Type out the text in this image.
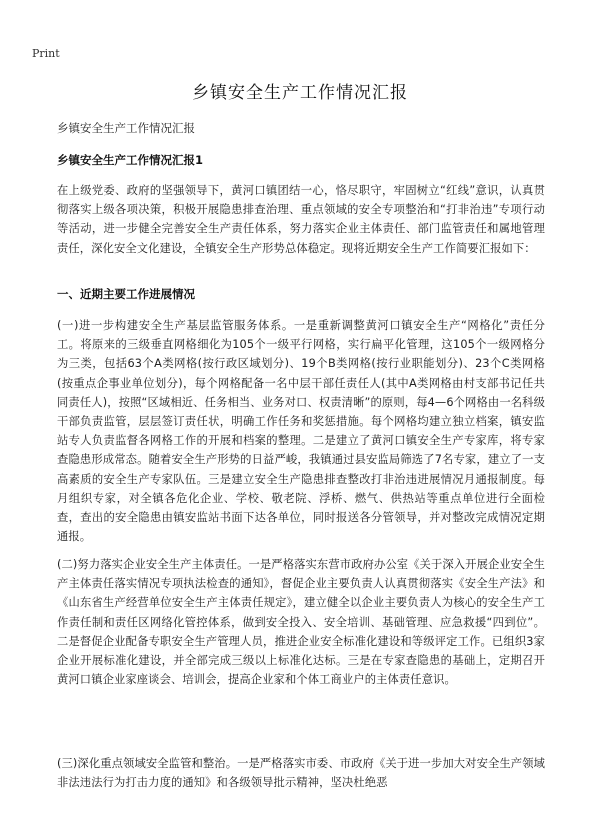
Print
乡镇安全生产工作情况汇报
乡镇安全生产工作情况汇报
乡镇安全生产工作情况汇报1
在上级党委、政府的坚强领导下，黄河口镇团结一心，恪尽职守，牢固树立“红线”意识，认真贯彻落实上级各项决策，积极开展隐患排查治理、重点领域的安全专项整治和“打非治违”专项行动等活动，进一步健全完善安全生产责任体系，努力落实企业主体责任、部门监管责任和属地管理责任，深化安全文化建设，全镇安全生产形势总体稳定。现将近期安全生产工作简要汇报如下：
一、近期主要工作进展情况
(一)进一步构建安全生产基层监管服务体系。一是重新调整黄河口镇安全生产“网格化”责任分工。将原来的三级垂直网格细化为105个一级平行网格，实行扁平化管理，这105个一级网格分为三类，包括63个A类网格(按行政区域划分)、19个B类网格(按行业职能划分)、23个C类网格(按重点企事业单位划分)，每个网格配备一名中层干部任责任人(其中A类网格由村支部书记任共同责任人)，按照“区域相近、任务相当、业务对口、权责清晰”的原则，每4—6个网格由一名科级干部负责监管，层层签订责任状，明确工作任务和奖惩措施。每个网格均建立独立档案，镇安监站专人负责监督各网格工作的开展和档案的整理。二是建立了黄河口镇安全生产专家库，将专家查隐患形成常态。随着安全生产形势的日益严峻，我镇通过县安监局筛选了7名专家，建立了一支高素质的安全生产专家队伍。三是建立安全生产隐患排查整改打非治违进展情况月通报制度。每月组织专家，对全镇各危化企业、学校、敬老院、浮桥、燃气、供热站等重点单位进行全面检查，查出的安全隐患由镇安监站书面下达各单位，同时报送各分管领导，并对整改完成情况定期通报。
(二)努力落实企业安全生产主体责任。一是严格落实东营市政府办公室《关于深入开展企业安全生产主体责任落实情况专项执法检查的通知》，督促企业主要负责人认真贯彻落实《安全生产法》和《山东省生产经营单位安全生产主体责任规定》，建立健全以企业主要负责人为核心的安全生产工作责任制和责任区网络化管控体系，做到安全投入、安全培训、基础管理、应急救援“四到位”。二是督促企业配备专职安全生产管理人员，推进企业安全标准化建设和等级评定工作。已组织3家企业开展标准化建设，并全部完成三级以上标准化达标。三是在专家查隐患的基础上，定期召开黄河口镇企业家座谈会、培训会，提高企业家和个体工商业户的主体责任意识。
(三)深化重点领域安全监管和整治。一是严格落实市委、市政府《关于进一步加大对安全生产领域非法违法行为打击力度的通知》和各级领导批示精神，坚决杜绝恶
